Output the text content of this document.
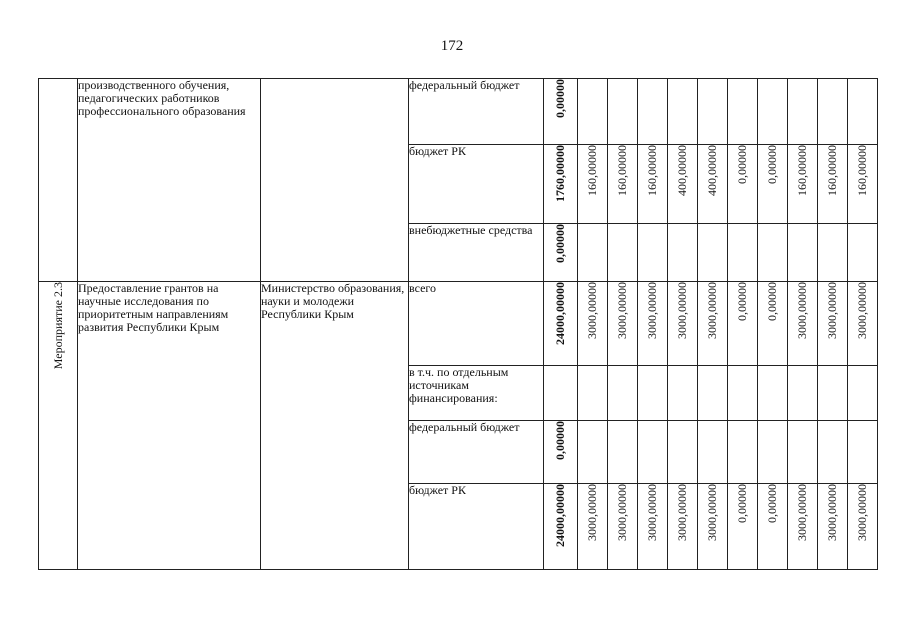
172
	производственного обучения, педагогических работников профессионального образования		федеральный бюджет	0,00000										
			бюджет РК	1760,00000	160,00000	160,00000	160,00000	400,00000	400,00000	0,00000	0,00000	160,00000	160,00000	160,00000
			внебюджетные средства	0,00000										
Мероприятие 2.3	Предоставление грантов на научные исследования по приоритетным направлениям развития Республики Крым	Министерство образования, науки и молодежи Республики Крым	всего	24000,00000	3000,00000	3000,00000	3000,00000	3000,00000	3000,00000	0,00000	0,00000	3000,00000	3000,00000	3000,00000
			в т.ч. по отдельным источникам финансирования:											
			федеральный бюджет	0,00000										
			бюджет РК	24000,00000	3000,00000	3000,00000	3000,00000	3000,00000	3000,00000	0,00000	0,00000	3000,00000	3000,00000	3000,00000
